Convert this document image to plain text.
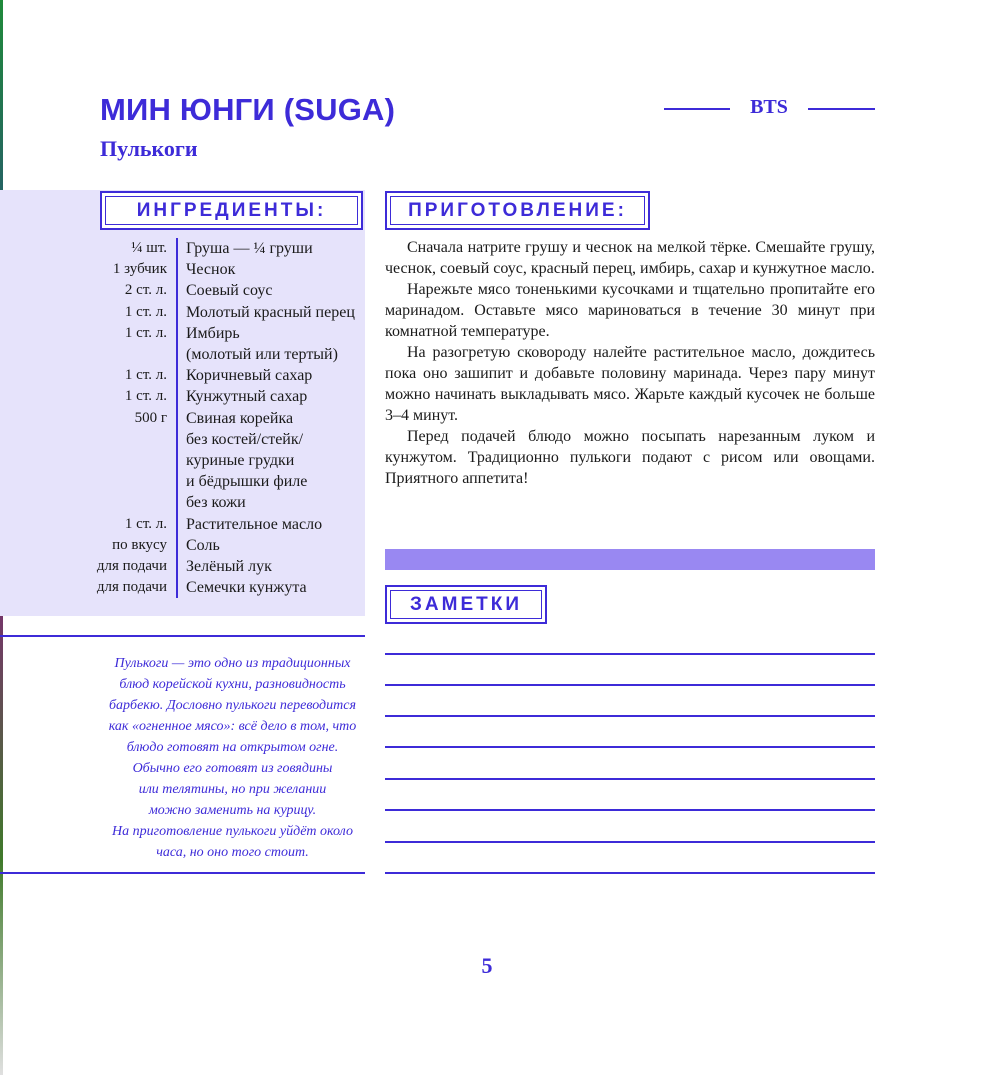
МИН ЮНГИ (SUGA)
Пулькоги
BTS
ИНГРЕДИЕНТЫ:
¼ шт.	Груша — ¼ груши
1 зубчик	Чеснок
2 ст. л.	Соевый соус
1 ст. л.	Молотый красный перец
1 ст. л.	Имбирь
(молотый или тертый)
1 ст. л.	Коричневый сахар
1 ст. л.	Кунжутный сахар
500 г	Свиная корейка
без костей/стейк/
куриные грудки
и бёдрышки филе
без кожи
1 ст. л.	Растительное масло
по вкусу	Соль
для подачи	Зелёный лук
для подачи	Семечки кунжута
Пулькоги — это одно из традиционных
блюд корейской кухни, разновидность
барбекю. Дословно пулькоги переводится
как «огненное мясо»: всё дело в том, что
блюдо готовят на открытом огне.
Обычно его готовят из говядины
или телятины, но при желании
можно заменить на курицу.
На приготовление пулькоги уйдёт около
часа, но оно того стоит.
ПРИГОТОВЛЕНИЕ:

Сначала натрите грушу и чеснок на мелкой тёрке. Смешайте грушу, чеснок, соевый соус, красный перец, имбирь, сахар и кунжутное масло.

Нарежьте мясо тоненькими кусочками и тщательно пропитайте его маринадом. Оставьте мясо мариноваться в течение 30 минут при комнатной температуре.

На разогретую сковороду налейте растительное масло, дождитесь пока оно зашипит и добавьте половину маринада. Через пару минут можно начинать выкладывать мясо. Жарьте каждый кусочек не больше 3–4 минут.

Перед подачей блюдо можно посыпать нарезанным луком и кунжутом. Традиционно пулькоги подают с рисом или овощами. Приятного аппетита!

ЗАМЕТКИ
5
